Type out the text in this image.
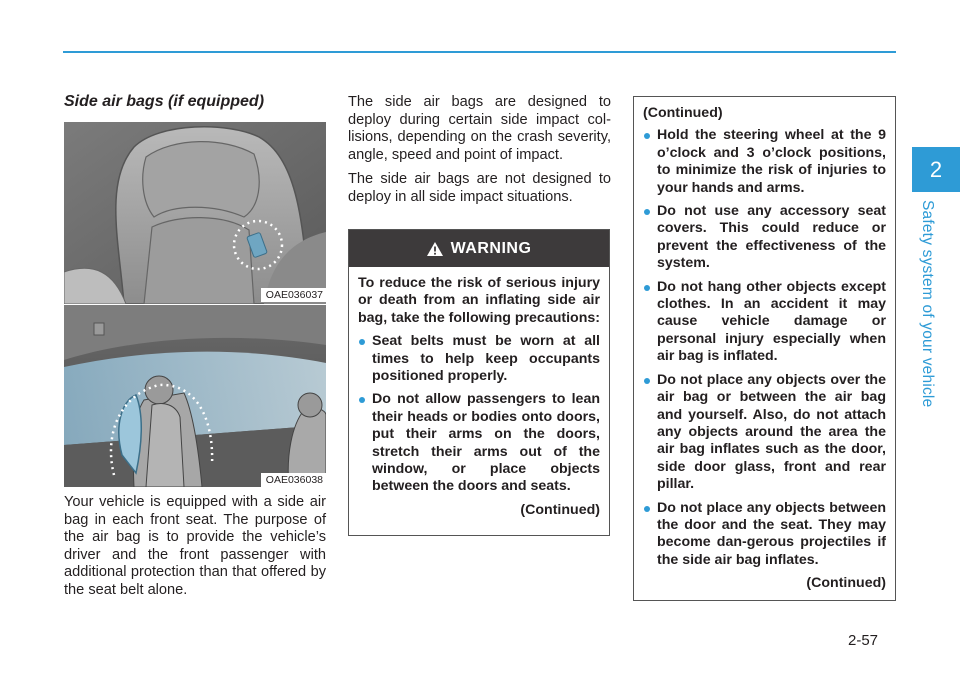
2
Safety system of your vehicle
Side air bags (if equipped)
OAE036037
OAE036038

Your vehicle is equipped with a side air bag in each front seat. The purpose of the air bag is to provide the vehicle’s driver and the front passenger with additional protection than that offered by the seat belt alone.

The side air bags are designed to deploy during certain side impact col-lisions, depending on the crash severity, angle, speed and point of impact.

The side air bags are not designed to deploy in all side impact situations.

WARNING

To reduce the risk of serious injury or death from an inflating side air bag, take the following precautions:

Seat belts must be worn at all times to help keep occupants positioned properly.
Do not allow passengers to lean their heads or bodies onto doors, put their arms on the doors, stretch their arms out of the window, or place objects between the doors and seats.
(Continued)

(Continued)

Hold the steering wheel at the 9 o’clock and 3 o’clock positions, to minimize the risk of injuries to your hands and arms.
Do not use any accessory seat covers. This could reduce or prevent the effectiveness of the system.
Do not hang other objects except clothes. In an accident it may cause vehicle damage or personal injury especially when air bag is inflated.
Do not place any objects over the air bag or between the air bag and yourself. Also, do not attach any objects around the area the air bag inflates such as the door, side door glass, front and rear pillar.
Do not place any objects between the door and the seat. They may become dan-gerous projectiles if the side air bag inflates.
(Continued)
2-57
